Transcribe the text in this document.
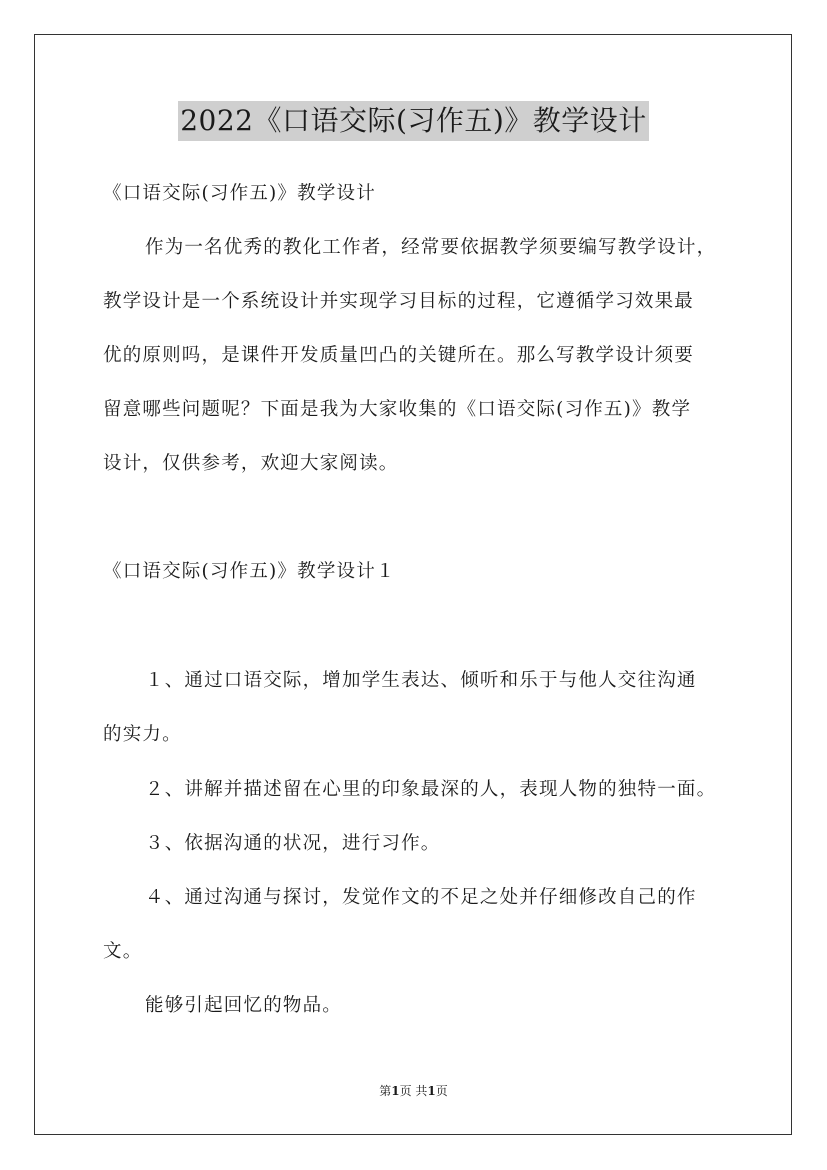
2022《口语交际(习作五)》教学设计
《口语交际(习作五)》教学设计
作为一名优秀的教化工作者，经常要依据教学须要编写教学设计，
教学设计是一个系统设计并实现学习目标的过程，它遵循学习效果最
优的原则吗，是课件开发质量凹凸的关键所在。那么写教学设计须要
留意哪些问题呢？下面是我为大家收集的《口语交际(习作五)》教学
设计，仅供参考，欢迎大家阅读。
《口语交际(习作五)》教学设计１
１、通过口语交际，增加学生表达、倾听和乐于与他人交往沟通
的实力。
２、讲解并描述留在心里的印象最深的人，表现人物的独特一面。
３、依据沟通的状况，进行习作。
４、通过沟通与探讨，发觉作文的不足之处并仔细修改自己的作
文。
能够引起回忆的物品。
第1页 共1页
